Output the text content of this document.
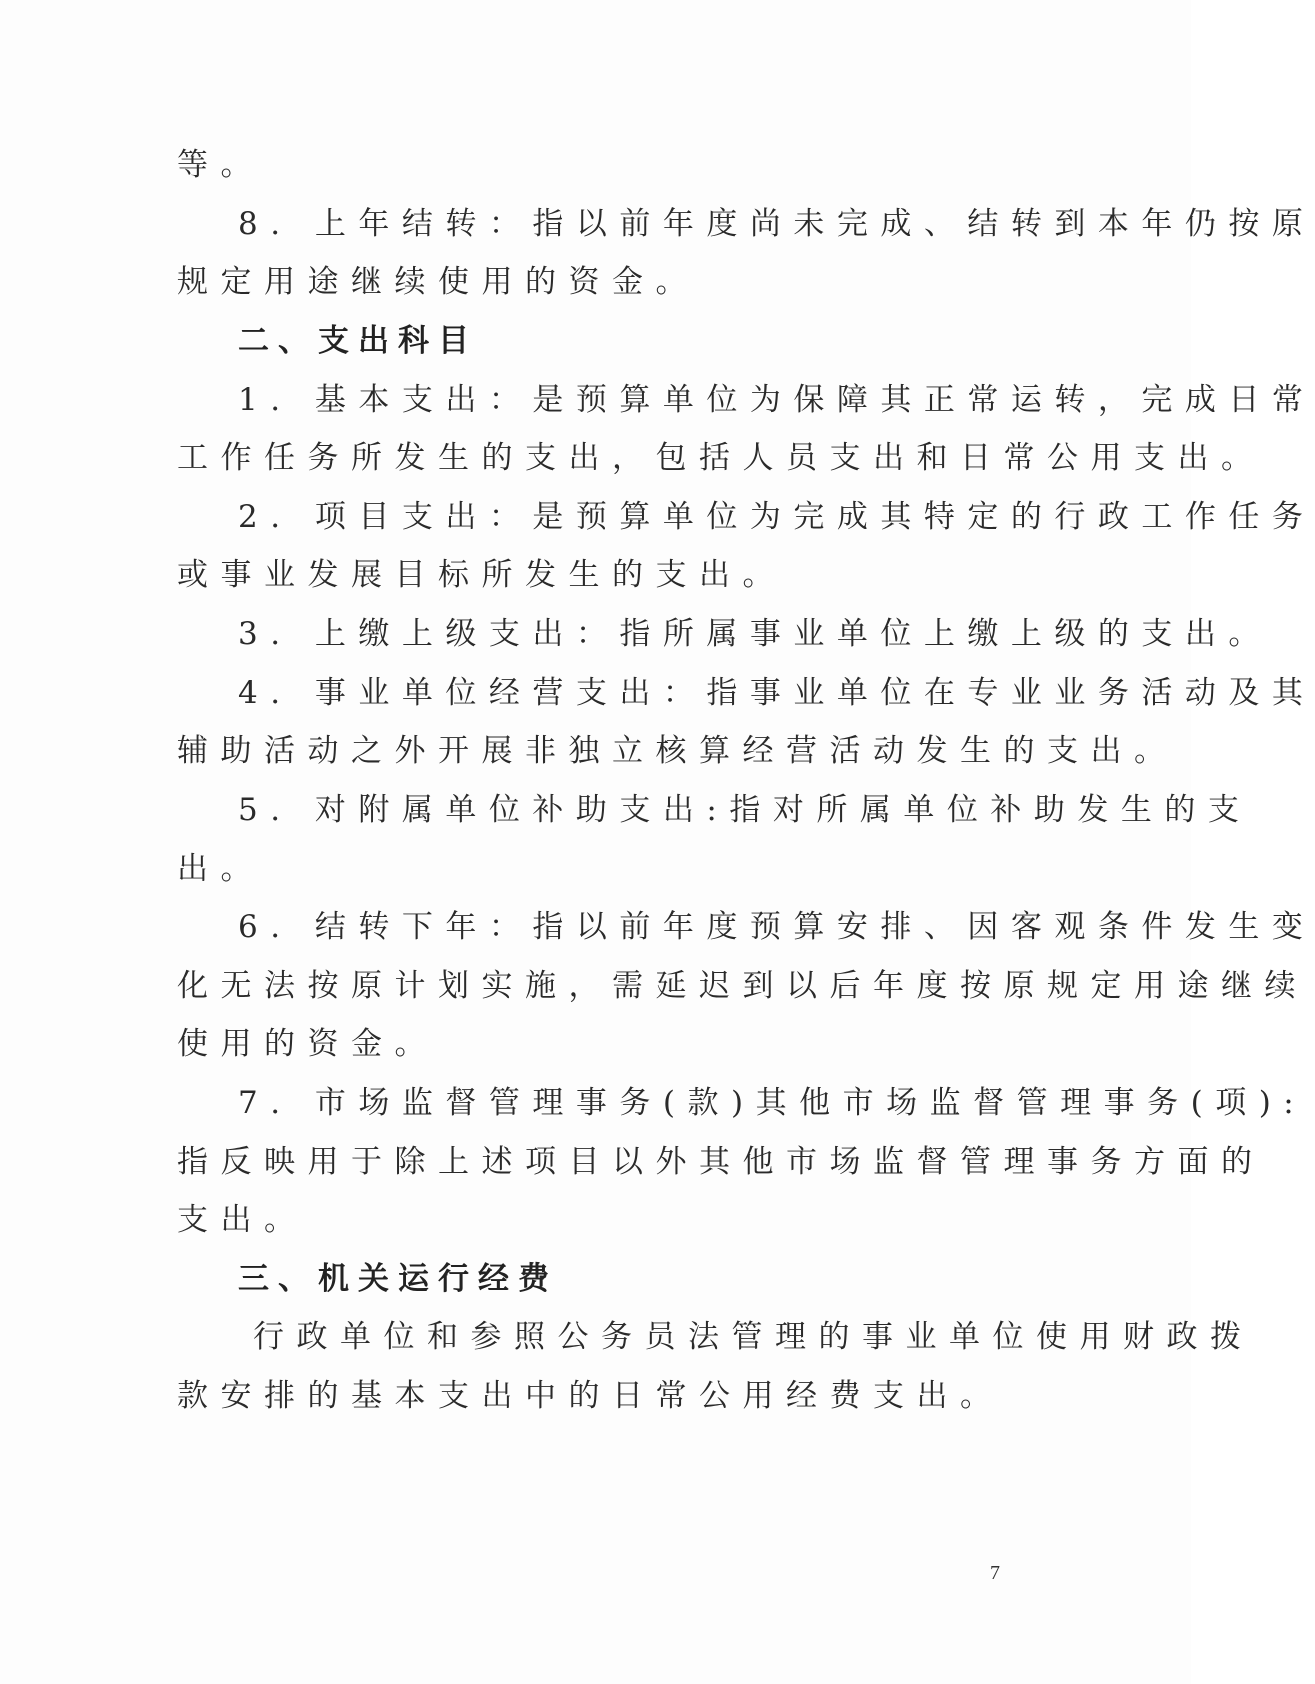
等。
8. 上年结转：指以前年度尚未完成、结转到本年仍按原
规定用途继续使用的资金。
二、支出科目
1. 基本支出：是预算单位为保障其正常运转，完成日常
工作任务所发生的支出，包括人员支出和日常公用支出。
2. 项目支出：是预算单位为完成其特定的行政工作任务
或事业发展目标所发生的支出。
3. 上缴上级支出：指所属事业单位上缴上级的支出。
4. 事业单位经营支出：指事业单位在专业业务活动及其
辅助活动之外开展非独立核算经营活动发生的支出。
5. 对附属单位补助支出:指对所属单位补助发生的支
出。
6. 结转下年：指以前年度预算安排、因客观条件发生变
化无法按原计划实施，需延迟到以后年度按原规定用途继续
使用的资金。
7. 市场监督管理事务(款)其他市场监督管理事务(项):
指反映用于除上述项目以外其他市场监督管理事务方面的
支出。
三、机关运行经费
行政单位和参照公务员法管理的事业单位使用财政拨
款安排的基本支出中的日常公用经费支出。
7
